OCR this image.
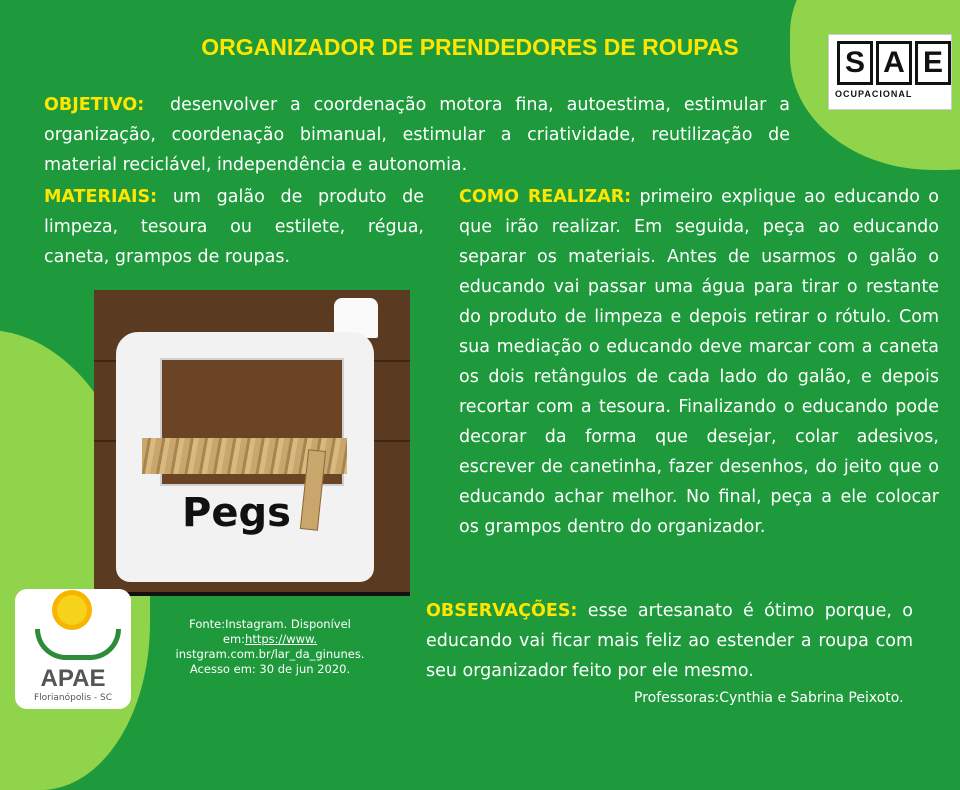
ORGANIZADOR DE PRENDEDORES DE ROUPAS
OBJETIVO: desenvolver a coordenação motora fina, autoestima, estimular a organização, coordenação bimanual, estimular a criatividade, reutilização de material reciclável, independência e autonomia.
MATERIAIS: um galão de produto de limpeza, tesoura ou estilete, régua, caneta, grampos de roupas.
COMO REALIZAR: primeiro explique ao educando o que irão realizar. Em seguida, peça ao educando separar os materiais. Antes de usarmos o galão o educando vai passar uma água para tirar o restante do produto de limpeza e depois retirar o rótulo. Com sua mediação o educando deve marcar com a caneta os dois retângulos de cada lado do galão, e depois recortar com a tesoura. Finalizando o educando pode decorar da forma que desejar, colar adesivos, escrever de canetinha, fazer desenhos, do jeito que o educando achar melhor. No final, peça a ele colocar os grampos dentro do organizador.
Pegs
OBSERVAÇÕES: esse artesanato é ótimo porque, o educando vai ficar mais feliz ao estender a roupa com seu organizador feito por ele mesmo.
S A E
OCUPACIONAL
APAE
Florianópolis - SC
Fonte:Instagram. Disponível em:https://www.
instgram.com.br/lar_da_ginunes.
Acesso em: 30 de jun 2020.
Professoras:Cynthia e Sabrina Peixoto.
